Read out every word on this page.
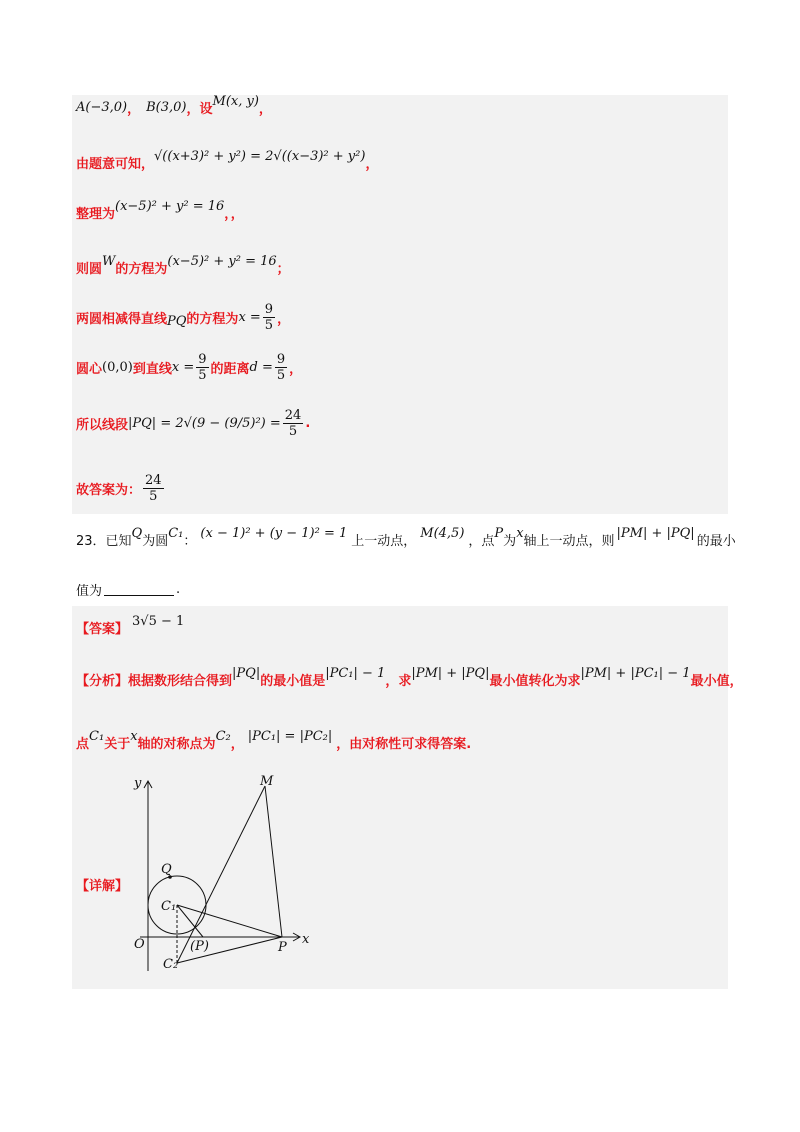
A(−3,0) ， B(3,0) ，设
M(x, y)
，
由题意可知，
√((x+3)² + y²) = 2√((x−3)² + y²)
，
整理为
(x−5)² + y² = 16
，，
则圆
W
的方程为
(x−5)² + y² = 16
；
两圆相减得直线 PQ 的方程为 $x = \frac{9}{5}$ ，
圆心 (0,0) 到直线 $x = \frac{9}{5}$ 的距离 $d = \frac{9}{5}$ ，
所以线段 $|PQ| = 2√(9 - (9/5)^2) = \frac{24}{5}$ .
故答案为： $\frac{24}{5}$
23．已知
Q
为圆
C₁
：
(x − 1)² + (y − 1)² = 1
上一动点，
M(4,5)
，点
P
为
x
轴上一动点，则
|PM| + |PQ|
的最小
值为	.
【答案】
3√5 − 1
【分析】 根据数形结合得到
|PQ|
的最小值是
|PC₁| − 1
，求
|PM| + |PQ|
最小值转化为求
|PM| + |PC₁| − 1
最小值，
点
C₁
关于
x
轴的对称点为
C₂
，
|PC₁| = |PC₂|
，由对称性可求得答案.
【详解】
y
x
O
M
Q
C₁
C₂
(P)	P
